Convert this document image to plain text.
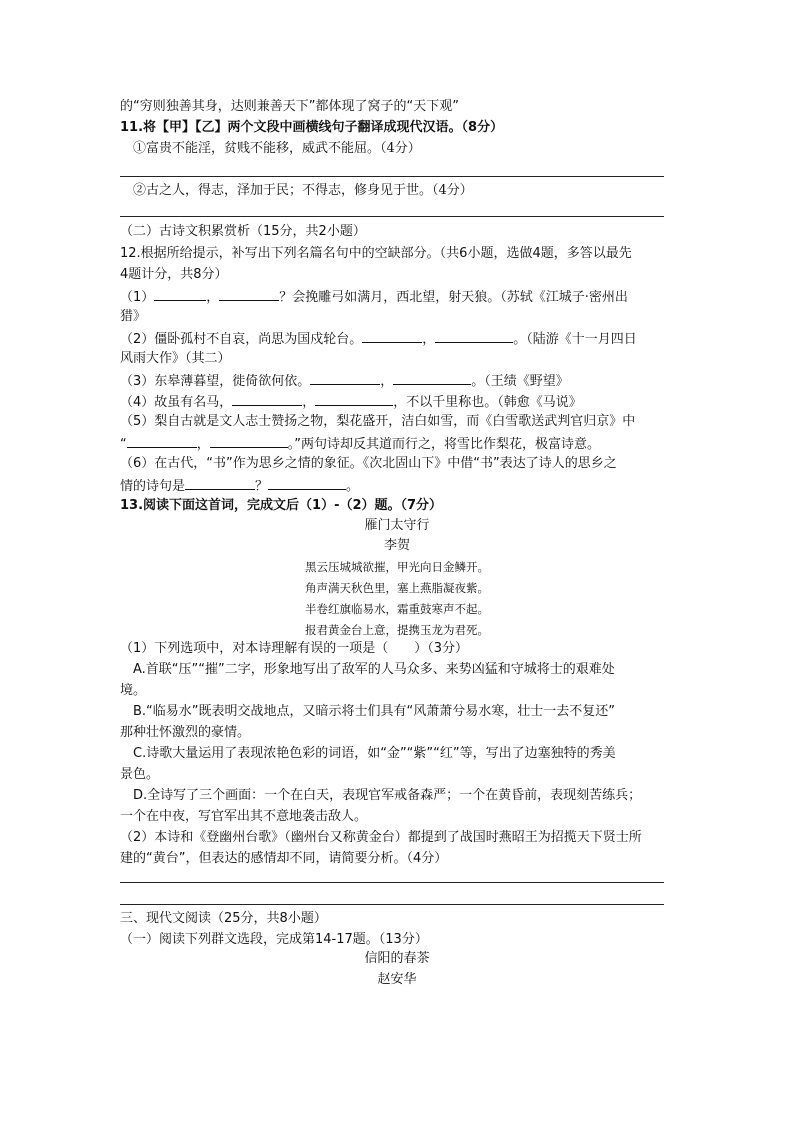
的“穷则独善其身，达则兼善天下”都体现了窝子的“天下观”
11.将【甲】【乙】两个文段中画横线句子翻译成现代汉语。（8分）
①富贵不能淫，贫贱不能移，威武不能屈。（4分）
②古之人，得志，泽加于民；不得志，修身见于世。（4分）
（二）古诗文积累赏析（15分，共2小题）
12.根据所给提示，补写出下列名篇名句中的空缺部分。（共6小题，选做4题，多答以最先
4题计分，共8分）
（1）	，	？会挽雕弓如满月，西北望，射天狼。（苏轼《江城子·密州出
猎》
（2）僵卧孤村不自哀，尚思为国戍轮台。	，	。（陆游《十一月四日
风雨大作》（其二）
（3）东皋薄暮望，徙倚欲何依。	，	。（王绩《野望》
（4）故虽有名马，	，	，不以千里称也。（韩愈《马说》
（5）梨自古就是文人志士赞扬之物，梨花盛开，洁白如雪，而《白雪歌送武判官归京》中
“	，	。”两句诗却反其道而行之，将雪比作梨花，极富诗意。
（6）在古代，“书”作为思乡之情的象征。《次北固山下》中借“书”表达了诗人的思乡之
情的诗句是	？	。
13.阅读下面这首词，完成文后（1）-（2）题。（7分）
雁门太守行
李贺
黑云压城城欲摧，甲光向日金鳞开。
角声满天秋色里，塞上燕脂凝夜紫。
半卷红旗临易水，霜重鼓寒声不起。
报君黄金台上意，提携玉龙为君死。
（1）下列选项中，对本诗理解有误的一项是（　　）（3分）
A.首联“压”“摧”二字，形象地写出了敌军的人马众多、来势凶猛和守城将士的艰难处
境。
B.“临易水”既表明交战地点，又暗示将士们具有“风萧萧兮易水寒，壮士一去不复还”
那种壮怀激烈的豪情。
C.诗歌大量运用了表现浓艳色彩的词语，如“金”“紫”“红”等，写出了边塞独特的秀美
景色。
D.全诗写了三个画面：一个在白天，表现官军戒备森严；一个在黄昏前，表现刻苦练兵；
一个在中夜，写官军出其不意地袭击敌人。
（2）本诗和《登幽州台歌》（幽州台又称黄金台）都提到了战国时燕昭王为招揽天下贤士所
建的“黄台”，但表达的感情却不同，请简要分析。（4分）
三、现代文阅读（25分，共8小题）
（一）阅读下列群文选段，完成第14-17题。（13分）
信阳的春茶
赵安华
